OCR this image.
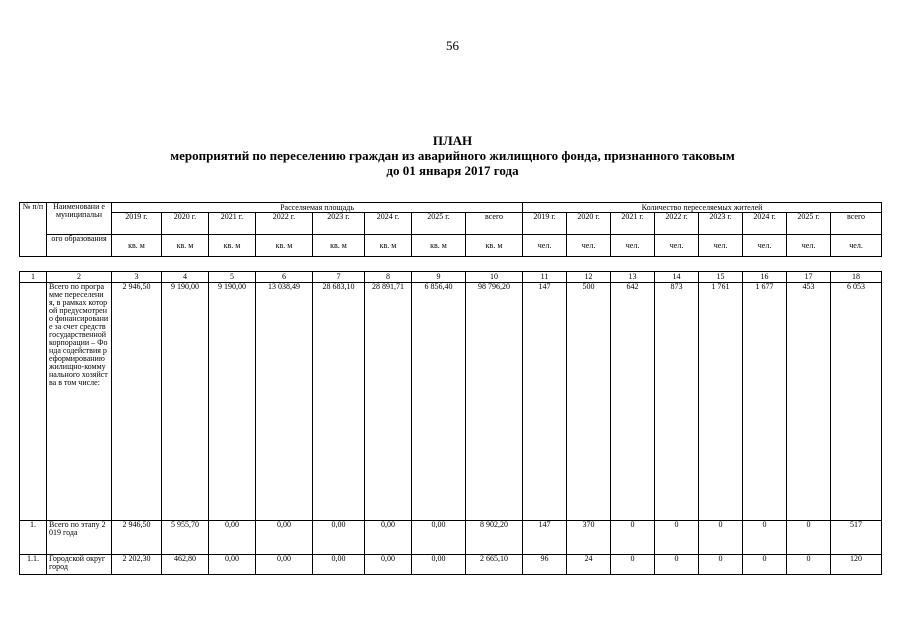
56
ПЛАН
мероприятий по переселению граждан из аварийного жилищного фонда, признанного таковым
до 01 января 2017 года
№ п/п	Наименовани е муниципальн	Расселяемая площадь								Количество переселяемых жителей							
		2019 г.	2020 г.	2021 г.	2022 г.	2023 г.	2024 г.	2025 г.	всего	2019 г.	2020 г.	2021 г.	2022 г.	2023 г.	2024 г.	2025 г.	всего
	ого образования	кв. м	кв. м	кв. м	кв. м	кв. м	кв. м	кв. м	кв. м	чел.	чел.	чел.	чел.	чел.	чел.	чел.	чел.
1	2	3	4	5	6	7	8	9	10	11	12	13	14	15	16	17	18
	Всего по программе переселения, в рамках которой предусмотрено финансирование за счет средств государственной корпорации – Фонда содействия реформированию жилищно-коммунального хозяйства в том числе:	2 946,50	9 190,00	9 190,00	13 038,49	28 683,10	28 891,71	6 856,40	98 796,20	147	500	642	873	1 761	1 677	453	6 053
1.	Всего по этапу 2019 года	2 946,50	5 955,70	0,00	0,00	0,00	0,00	0,00	8 902,20	147	370	0	0	0	0	0	517
1.1.	Городской округ город	2 202,30	462,80	0,00	0,00	0,00	0,00	0,00	2 665,10	96	24	0	0	0	0	0	120
